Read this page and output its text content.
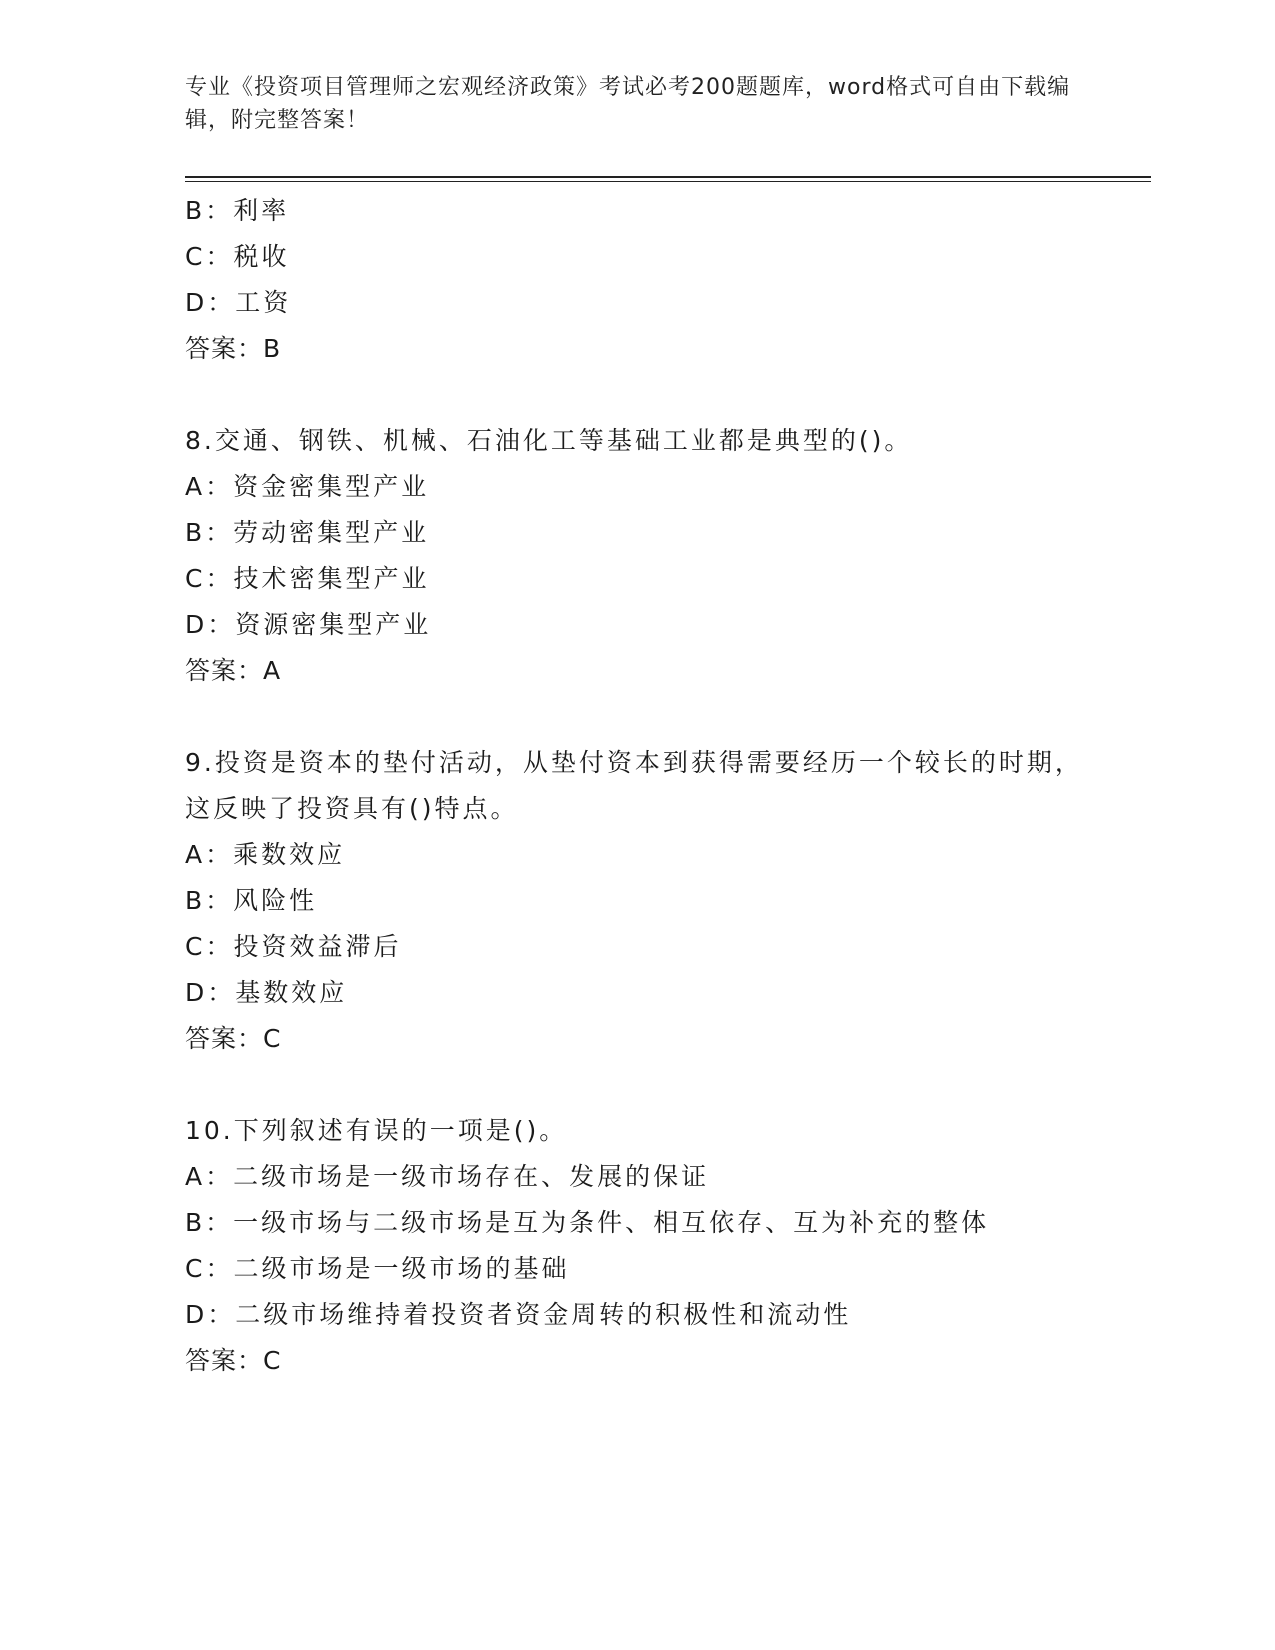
专业《投资项目管理师之宏观经济政策》考试必考200题题库，word格式可自由下载编辑，附完整答案！
B：利率
C：税收
D：工资
答案：B
8.交通、钢铁、机械、石油化工等基础工业都是典型的()。
A：资金密集型产业
B：劳动密集型产业
C：技术密集型产业
D：资源密集型产业
答案：A
9.投资是资本的垫付活动，从垫付资本到获得需要经历一个较长的时期，这反映了投资具有()特点。
A：乘数效应
B：风险性
C：投资效益滞后
D：基数效应
答案：C
10.下列叙述有误的一项是()。
A：二级市场是一级市场存在、发展的保证
B：一级市场与二级市场是互为条件、相互依存、互为补充的整体
C：二级市场是一级市场的基础
D：二级市场维持着投资者资金周转的积极性和流动性
答案：C
